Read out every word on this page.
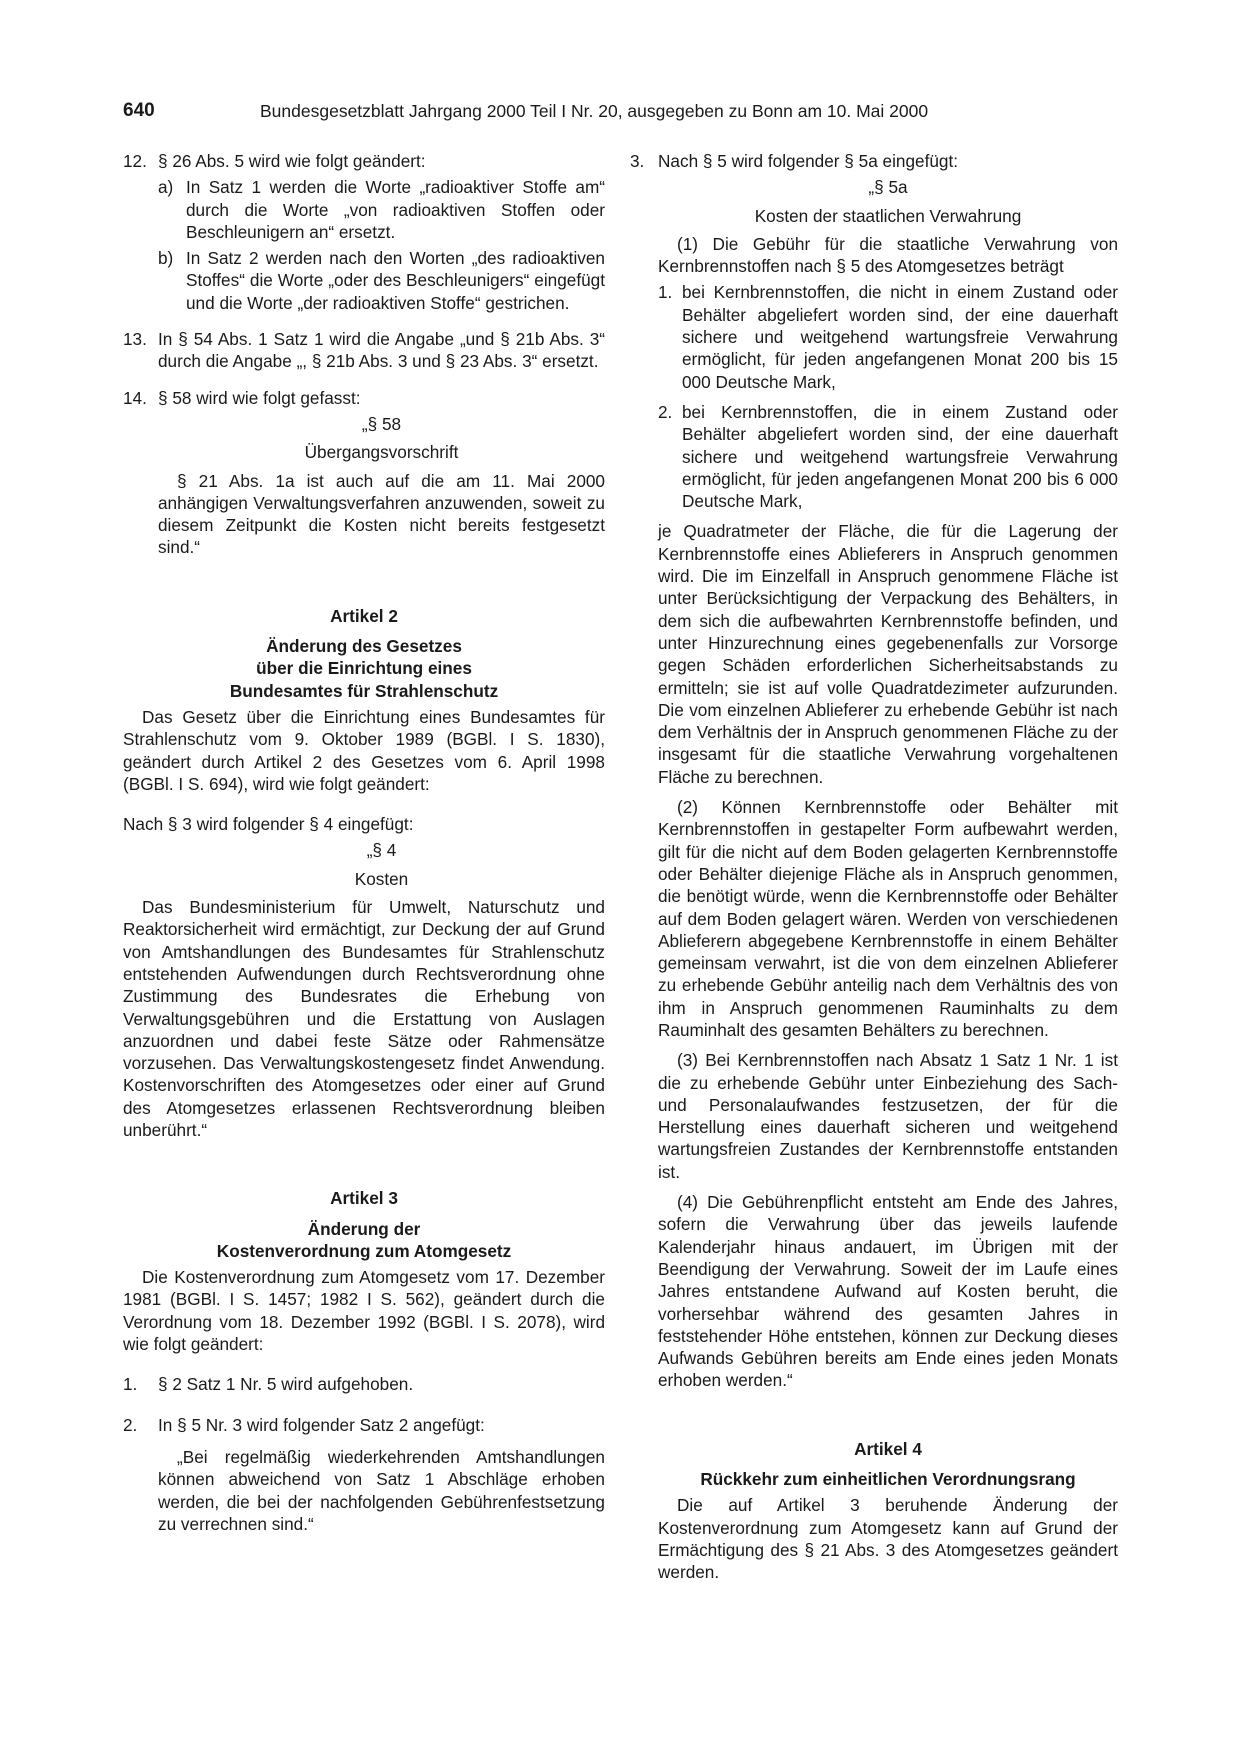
640	Bundesgesetzblatt Jahrgang 2000 Teil I Nr. 20, ausgegeben zu Bonn am 10. Mai 2000
12. § 26 Abs. 5 wird wie folgt geändert:

a) In Satz 1 werden die Worte „radioaktiver Stoffe am“ durch die Worte „von radioaktiven Stoffen oder Beschleunigern an“ ersetzt.

b) In Satz 2 werden nach den Worten „des radioaktiven Stoffes“ die Worte „oder des Beschleunigers“ eingefügt und die Worte „der radioaktiven Stoffe“ gestrichen.

13. In § 54 Abs. 1 Satz 1 wird die Angabe „und § 21b Abs. 3“ durch die Angabe „, § 21b Abs. 3 und § 23 Abs. 3“ ersetzt.

14. § 58 wird wie folgt gefasst:

„§ 58

Übergangsvorschrift

§ 21 Abs. 1a ist auch auf die am 11. Mai 2000 anhängigen Verwaltungsverfahren anzuwenden, soweit zu diesem Zeitpunkt die Kosten nicht bereits festgesetzt sind.“

Artikel 2

Änderung des Gesetzes
über die Einrichtung eines
Bundesamtes für Strahlenschutz

Das Gesetz über die Einrichtung eines Bundesamtes für Strahlenschutz vom 9. Oktober 1989 (BGBl. I S. 1830), geändert durch Artikel 2 des Gesetzes vom 6. April 1998 (BGBl. I S. 694), wird wie folgt geändert:

Nach § 3 wird folgender § 4 eingefügt:

„§ 4

Kosten

Das Bundesministerium für Umwelt, Naturschutz und Reaktorsicherheit wird ermächtigt, zur Deckung der auf Grund von Amtshandlungen des Bundesamtes für Strahlenschutz entstehenden Aufwendungen durch Rechtsverordnung ohne Zustimmung des Bundesrates die Erhebung von Verwaltungsgebühren und die Erstattung von Auslagen anzuordnen und dabei feste Sätze oder Rahmensätze vorzusehen. Das Verwaltungskostengesetz findet Anwendung. Kostenvorschriften des Atomgesetzes oder einer auf Grund des Atomgesetzes erlassenen Rechtsverordnung bleiben unberührt.“

Artikel 3

Änderung der
Kostenverordnung zum Atomgesetz

Die Kostenverordnung zum Atomgesetz vom 17. Dezember 1981 (BGBl. I S. 1457; 1982 I S. 562), geändert durch die Verordnung vom 18. Dezember 1992 (BGBl. I S. 2078), wird wie folgt geändert:

1. § 2 Satz 1 Nr. 5 wird aufgehoben.

2. In § 5 Nr. 3 wird folgender Satz 2 angefügt:

„Bei regelmäßig wiederkehrenden Amtshandlungen können abweichend von Satz 1 Abschläge erhoben werden, die bei der nachfolgenden Gebührenfestsetzung zu verrechnen sind.“

3. Nach § 5 wird folgender § 5a eingefügt:

„§ 5a

Kosten der staatlichen Verwahrung

(1) Die Gebühr für die staatliche Verwahrung von Kernbrennstoffen nach § 5 des Atomgesetzes beträgt

1. bei Kernbrennstoffen, die nicht in einem Zustand oder Behälter abgeliefert worden sind, der eine dauerhaft sichere und weitgehend wartungsfreie Verwahrung ermöglicht, für jeden angefangenen Monat 200 bis 15 000 Deutsche Mark,

2. bei Kernbrennstoffen, die in einem Zustand oder Behälter abgeliefert worden sind, der eine dauerhaft sichere und weitgehend wartungsfreie Verwahrung ermöglicht, für jeden angefangenen Monat 200 bis 6 000 Deutsche Mark,

je Quadratmeter der Fläche, die für die Lagerung der Kernbrennstoffe eines Ablieferers in Anspruch genommen wird. Die im Einzelfall in Anspruch genommene Fläche ist unter Berücksichtigung der Verpackung des Behälters, in dem sich die aufbewahrten Kernbrennstoffe befinden, und unter Hinzurechnung eines gegebenenfalls zur Vorsorge gegen Schäden erforderlichen Sicherheitsabstands zu ermitteln; sie ist auf volle Quadratdezimeter aufzurunden. Die vom einzelnen Ablieferer zu erhebende Gebühr ist nach dem Verhältnis der in Anspruch genommenen Fläche zu der insgesamt für die staatliche Verwahrung vorgehaltenen Fläche zu berechnen.

(2) Können Kernbrennstoffe oder Behälter mit Kernbrennstoffen in gestapelter Form aufbewahrt werden, gilt für die nicht auf dem Boden gelagerten Kernbrennstoffe oder Behälter diejenige Fläche als in Anspruch genommen, die benötigt würde, wenn die Kernbrennstoffe oder Behälter auf dem Boden gelagert wären. Werden von verschiedenen Ablieferern abgegebene Kernbrennstoffe in einem Behälter gemeinsam verwahrt, ist die von dem einzelnen Ablieferer zu erhebende Gebühr anteilig nach dem Verhältnis des von ihm in Anspruch genommenen Rauminhalts zu dem Rauminhalt des gesamten Behälters zu berechnen.

(3) Bei Kernbrennstoffen nach Absatz 1 Satz 1 Nr. 1 ist die zu erhebende Gebühr unter Einbeziehung des Sach- und Personalaufwandes festzusetzen, der für die Herstellung eines dauerhaft sicheren und weitgehend wartungsfreien Zustandes der Kernbrennstoffe entstanden ist.

(4) Die Gebührenpflicht entsteht am Ende des Jahres, sofern die Verwahrung über das jeweils laufende Kalenderjahr hinaus andauert, im Übrigen mit der Beendigung der Verwahrung. Soweit der im Laufe eines Jahres entstandene Aufwand auf Kosten beruht, die vorhersehbar während des gesamten Jahres in feststehender Höhe entstehen, können zur Deckung dieses Aufwands Gebühren bereits am Ende eines jeden Monats erhoben werden.“

Artikel 4

Rückkehr zum einheitlichen Verordnungsrang

Die auf Artikel 3 beruhende Änderung der Kostenverordnung zum Atomgesetz kann auf Grund der Ermächtigung des § 21 Abs. 3 des Atomgesetzes geändert werden.
